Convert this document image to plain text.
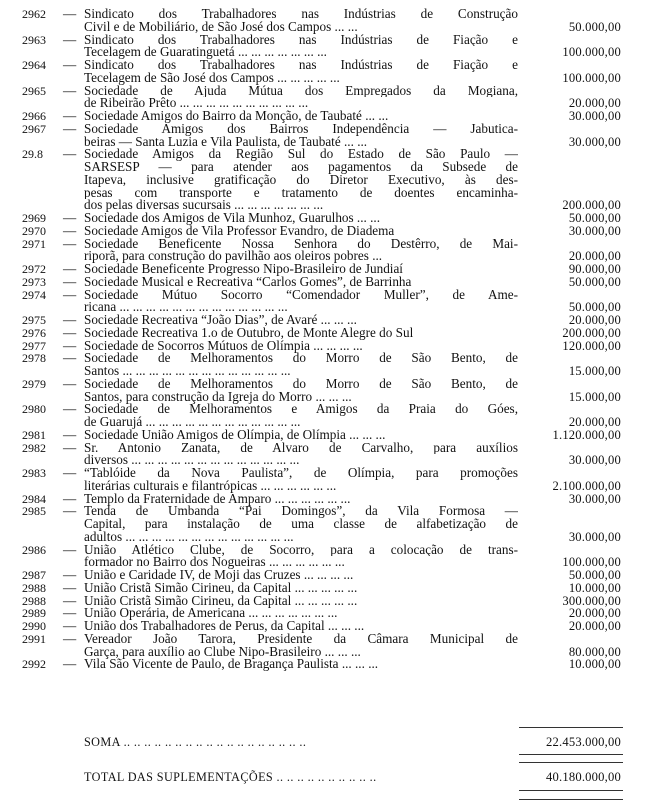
2962 — Sindicato dos Trabalhadores nas Indústrias de Construção
Civil e de Mobiliário, de São José dos Campos ... ...	50.000,00
2963 — Sindicato dos Trabalhadores nas Indústrias de Fiação e
Tecelagem de Guaratinguetá ... ... ... ... ... ... ...	100.000,00
2964 — Sindicato dos Trabalhadores nas Indústrias de Fiação e
Tecelagem de São José dos Campos ... ... ... ... ...	100.000,00
2965 — Sociedade de Ajuda Mútua dos Empregados da Mogiana,
de Ribeirão Prêto ... ... ... ... ... ... ... ... ... ...	20.000,00
2966 — Sociedade Amigos do Bairro da Monção, de Taubaté ... ...	30.000,00
2967 — Sociedade Amigos dos Bairros Independência — Jabutica-
beiras — Santa Luzia e Vila Paulista, de Taubaté ... ...	30.000,00
29.8 — Sociedade Amigos da Região Sul do Estado de São Paulo —
SARSESP — para atender aos pagamentos da Subsede de
Itapeva, inclusive gratificação do Diretor Executivo, às des-
pesas com transporte e tratamento de doentes encaminha-
dos pelas diversas sucursais ... ... ... ... ... ... ...	200.000,00
2969 — Sociedade dos Amigos de Vila Munhoz, Guarulhos ... ...	50.000,00
2970 — Sociedade Amigos de Vila Professor Evandro, de Diadema	30.000,00
2971 — Sociedade Beneficente Nossa Senhora do Destêrro, de Mai-
riporã, para construção do pavilhão aos oleiros pobres ...	20.000,00
2972 — Sociedade Beneficente Progresso Nipo-Brasileiro de Jundiaí	90.000,00
2973 — Sociedade Musical e Recreativa “Carlos Gomes”, de Barrinha	50.000,00
2974 — Sociedade Mútuo Socorro “Comendador Muller”, de Ame-
ricana ... ... ... ... ... ... ... ... ... ... ... ... ...	50.000,00
2975 — Sociedade Recreativa “João Dias”, de Avaré ... ... ...	20.000,00
2976 — Sociedade Recreativa 1.o de Outubro, de Monte Alegre do Sul	200.000,00
2977 — Sociedade de Socorros Mútuos de Olímpia ... ... ... ...	120.000,00
2978 — Sociedade de Melhoramentos do Morro de São Bento, de
Santos ... ... ... ... ... ... ... ... ... ... ... ... ...	15.000,00
2979 — Sociedade de Melhoramentos do Morro de São Bento, de
Santos, para construção da Igreja do Morro ... ... ...	15.000,00
2980 — Sociedade de Melhoramentos e Amigos da Praia do Góes,
de Guarujá ... ... ... ... ... ... ... ... ... ... ... ...	20.000,00
2981 — Sociedade União Amigos de Olímpia, de Olímpia ... ... ...	1.120.000,00
2982 — Sr. Antonio Zanata, de Alvaro de Carvalho, para auxílios
diversos ... ... ... ... ... ... ... ... ... ... ... ... ...	30.000,00
2983 — “Tablóide da Nova Paulista”, de Olímpia, para promoções
literárias culturais e filantrópicas ... ... ... ... ... ...	2.100.000,00
2984 — Templo da Fraternidade de Amparo ... ... ... ... ... ...	30.000,00
2985 — Tenda de Umbanda “Pai Domingos”, da Vila Formosa —
Capital, para instalação de uma classe de alfabetização de
adultos ... ... ... ... ... ... ... ... ... ... ... ... ...	30.000,00
2986 — União Atlético Clube, de Socorro, para a colocação de trans-
formador no Bairro dos Nogueiras ... ... ... ... ... ...	100.000,00
2987 — União e Caridade IV, de Moji das Cruzes ... ... ... ...	50.000,00
2988 — União Cristã Simão Cirineu, da Capital ... ... ... ... ...	10.000,00
2988 — União Cristã Simão Cirineu, da Capital ... ... ... ... ...	300.000,00
2989 — União Operária, de Americana ... ... ... ... ... ... ...	20.000,00
2990 — União dos Trabalhadores de Perus, da Capital ... ... ...	20.000,00
2991 — Vereador João Tarora, Presidente da Câmara Municipal de
Garça, para auxílio ao Clube Nipo-Brasileiro ... ... ...	80.000,00
2992 — Vila São Vicente de Paulo, de Bragança Paulista ... ... ...	10.000,00
SOMA .. .. .. .. .. .. .. .. .. .. .. .. .. .. .. .. .. ..	22.453.000,00
TOTAL DAS SUPLEMENTAÇÕES .. .. .. .. .. .. .. .. .. ..	40.180.000,00
